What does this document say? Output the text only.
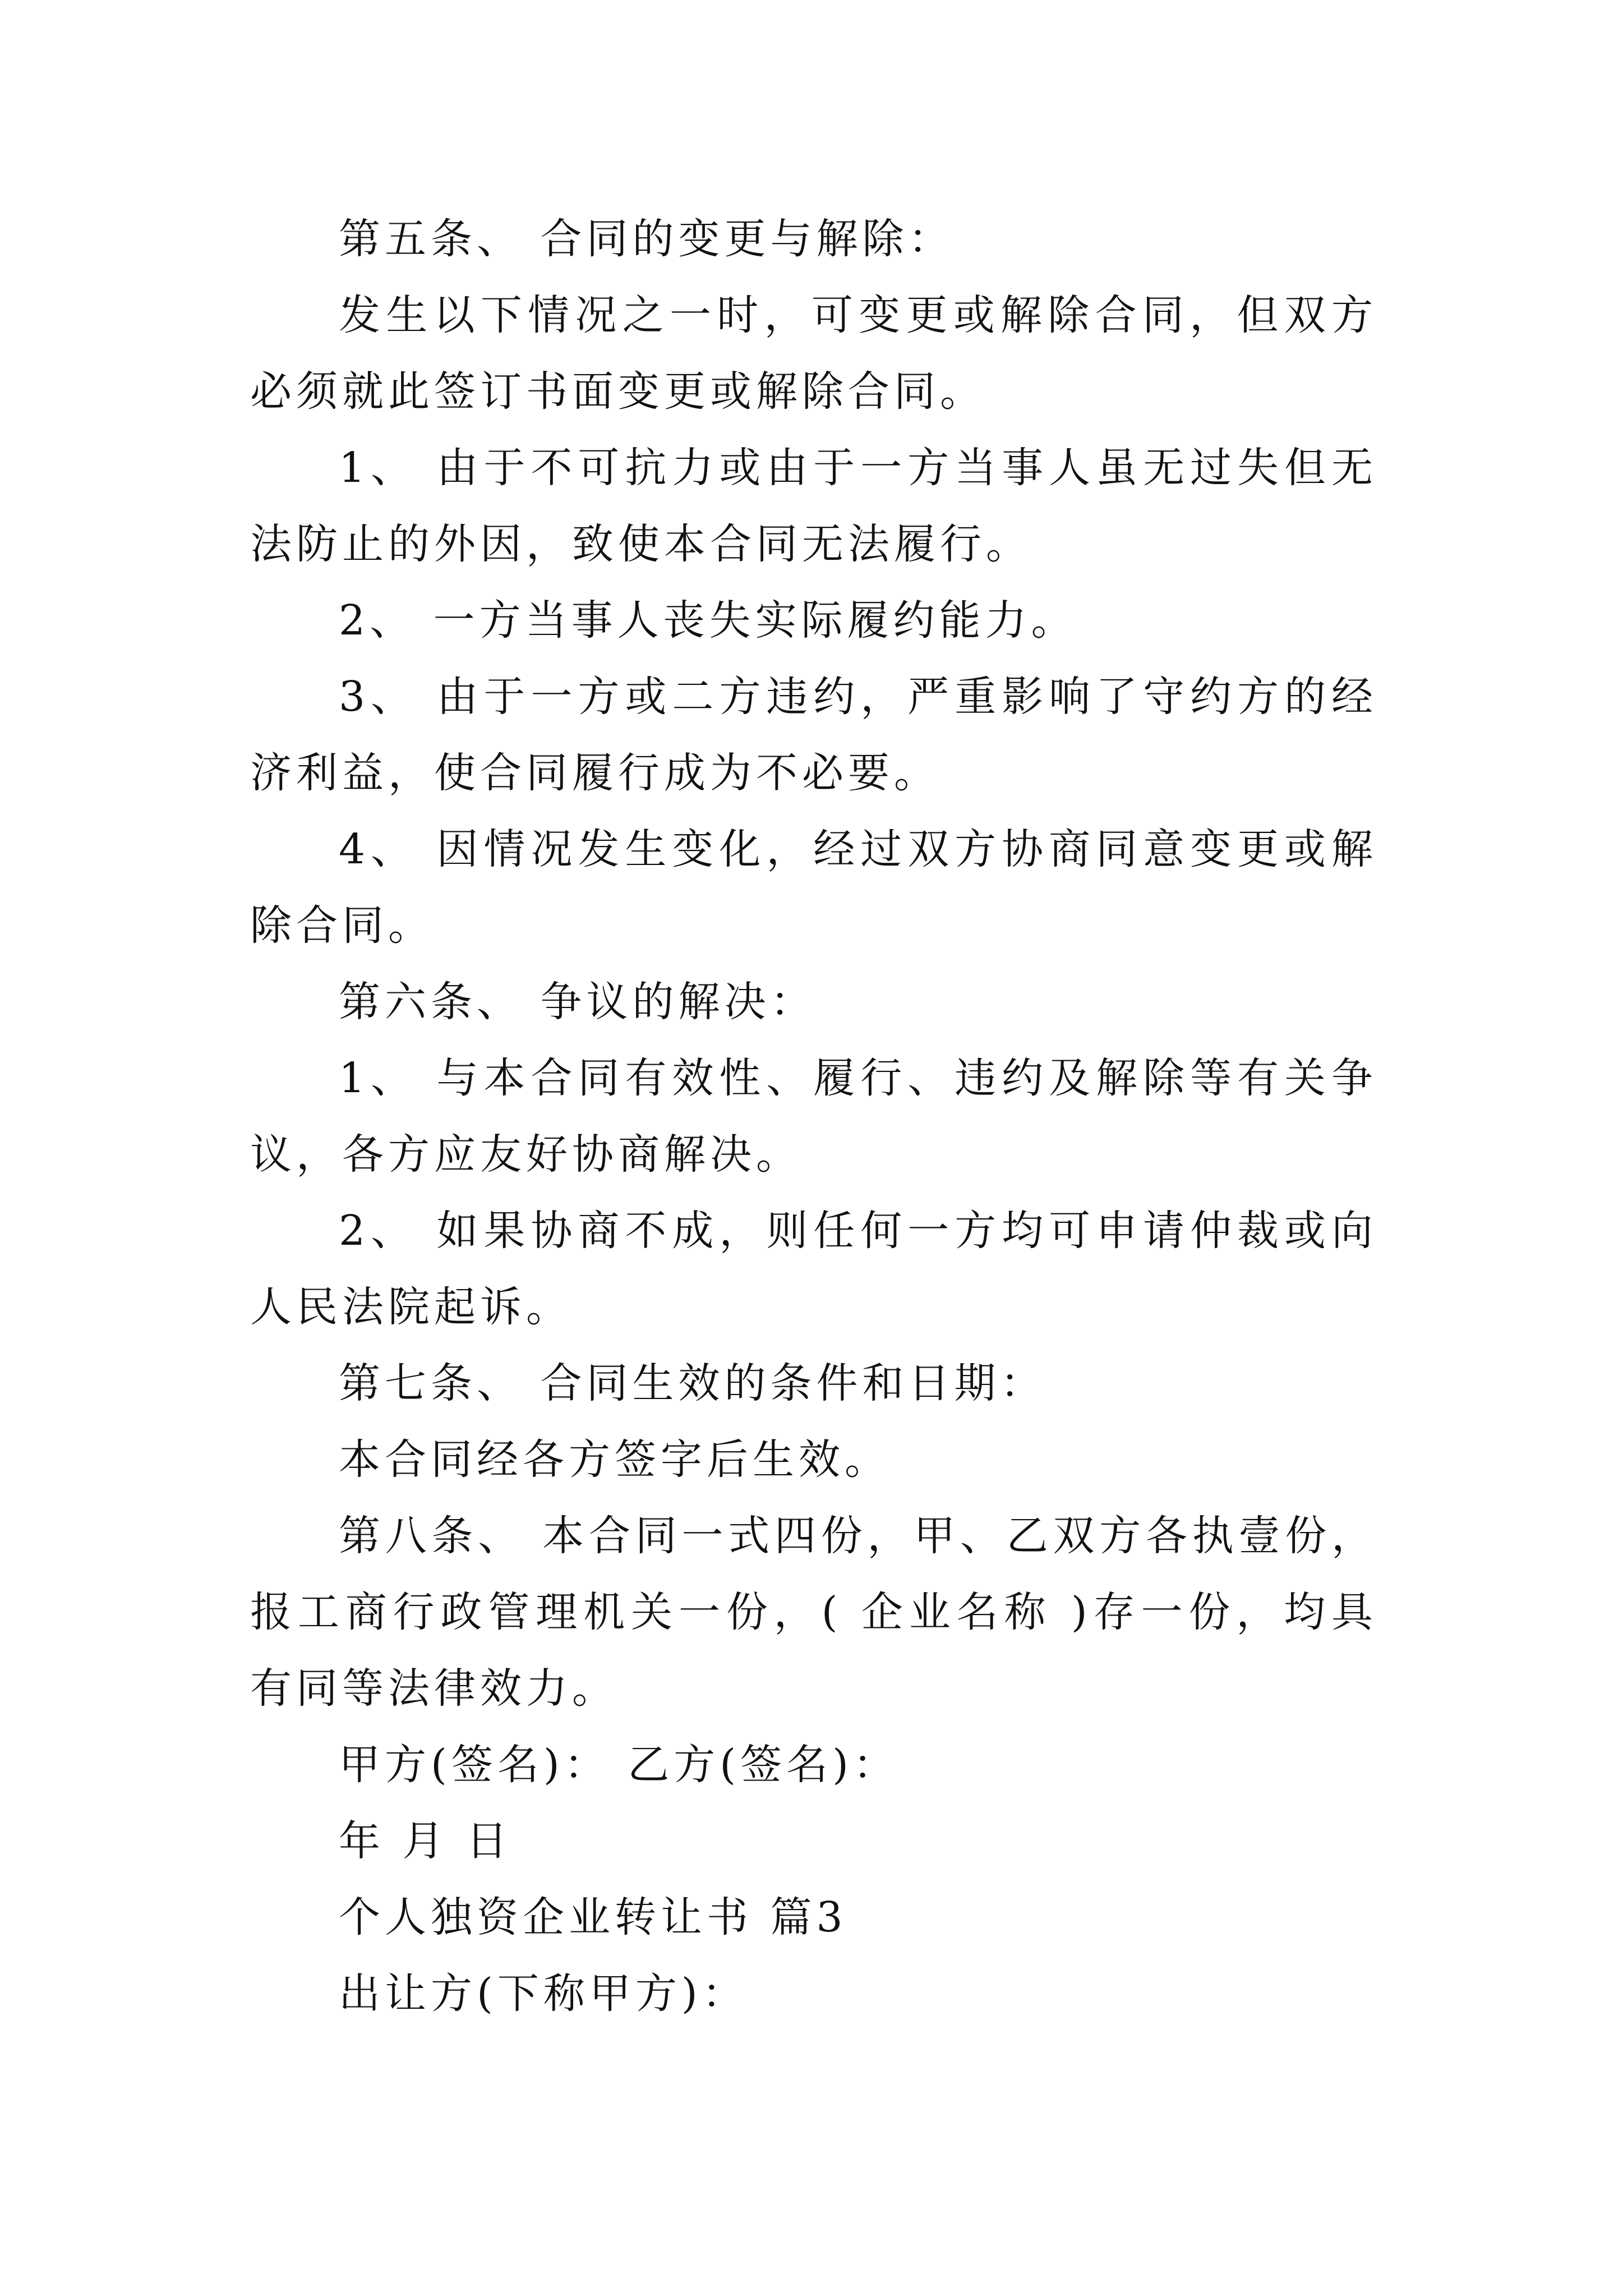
第五条、 合同的变更与解除：

发生以下情况之一时，可变更或解除合同，但双方必须就此签订书面变更或解除合同。

1、 由于不可抗力或由于一方当事人虽无过失但无法防止的外因，致使本合同无法履行。

2、 一方当事人丧失实际履约能力。

3、 由于一方或二方违约，严重影响了守约方的经济利益，使合同履行成为不必要。

4、 因情况发生变化，经过双方协商同意变更或解除合同。

第六条、 争议的解决：

1、 与本合同有效性、履行、违约及解除等有关争议，各方应友好协商解决。

2、 如果协商不成，则任何一方均可申请仲裁或向人民法院起诉。

第七条、 合同生效的条件和日期：

本合同经各方签字后生效。

第八条、 本合同一式四份，甲、乙双方各执壹份，报工商行政管理机关一份，( 企业名称 )存一份，均具有同等法律效力。

甲方(签名)： 乙方(签名)：

年 月 日

个人独资企业转让书 篇3

出让方(下称甲方)：
